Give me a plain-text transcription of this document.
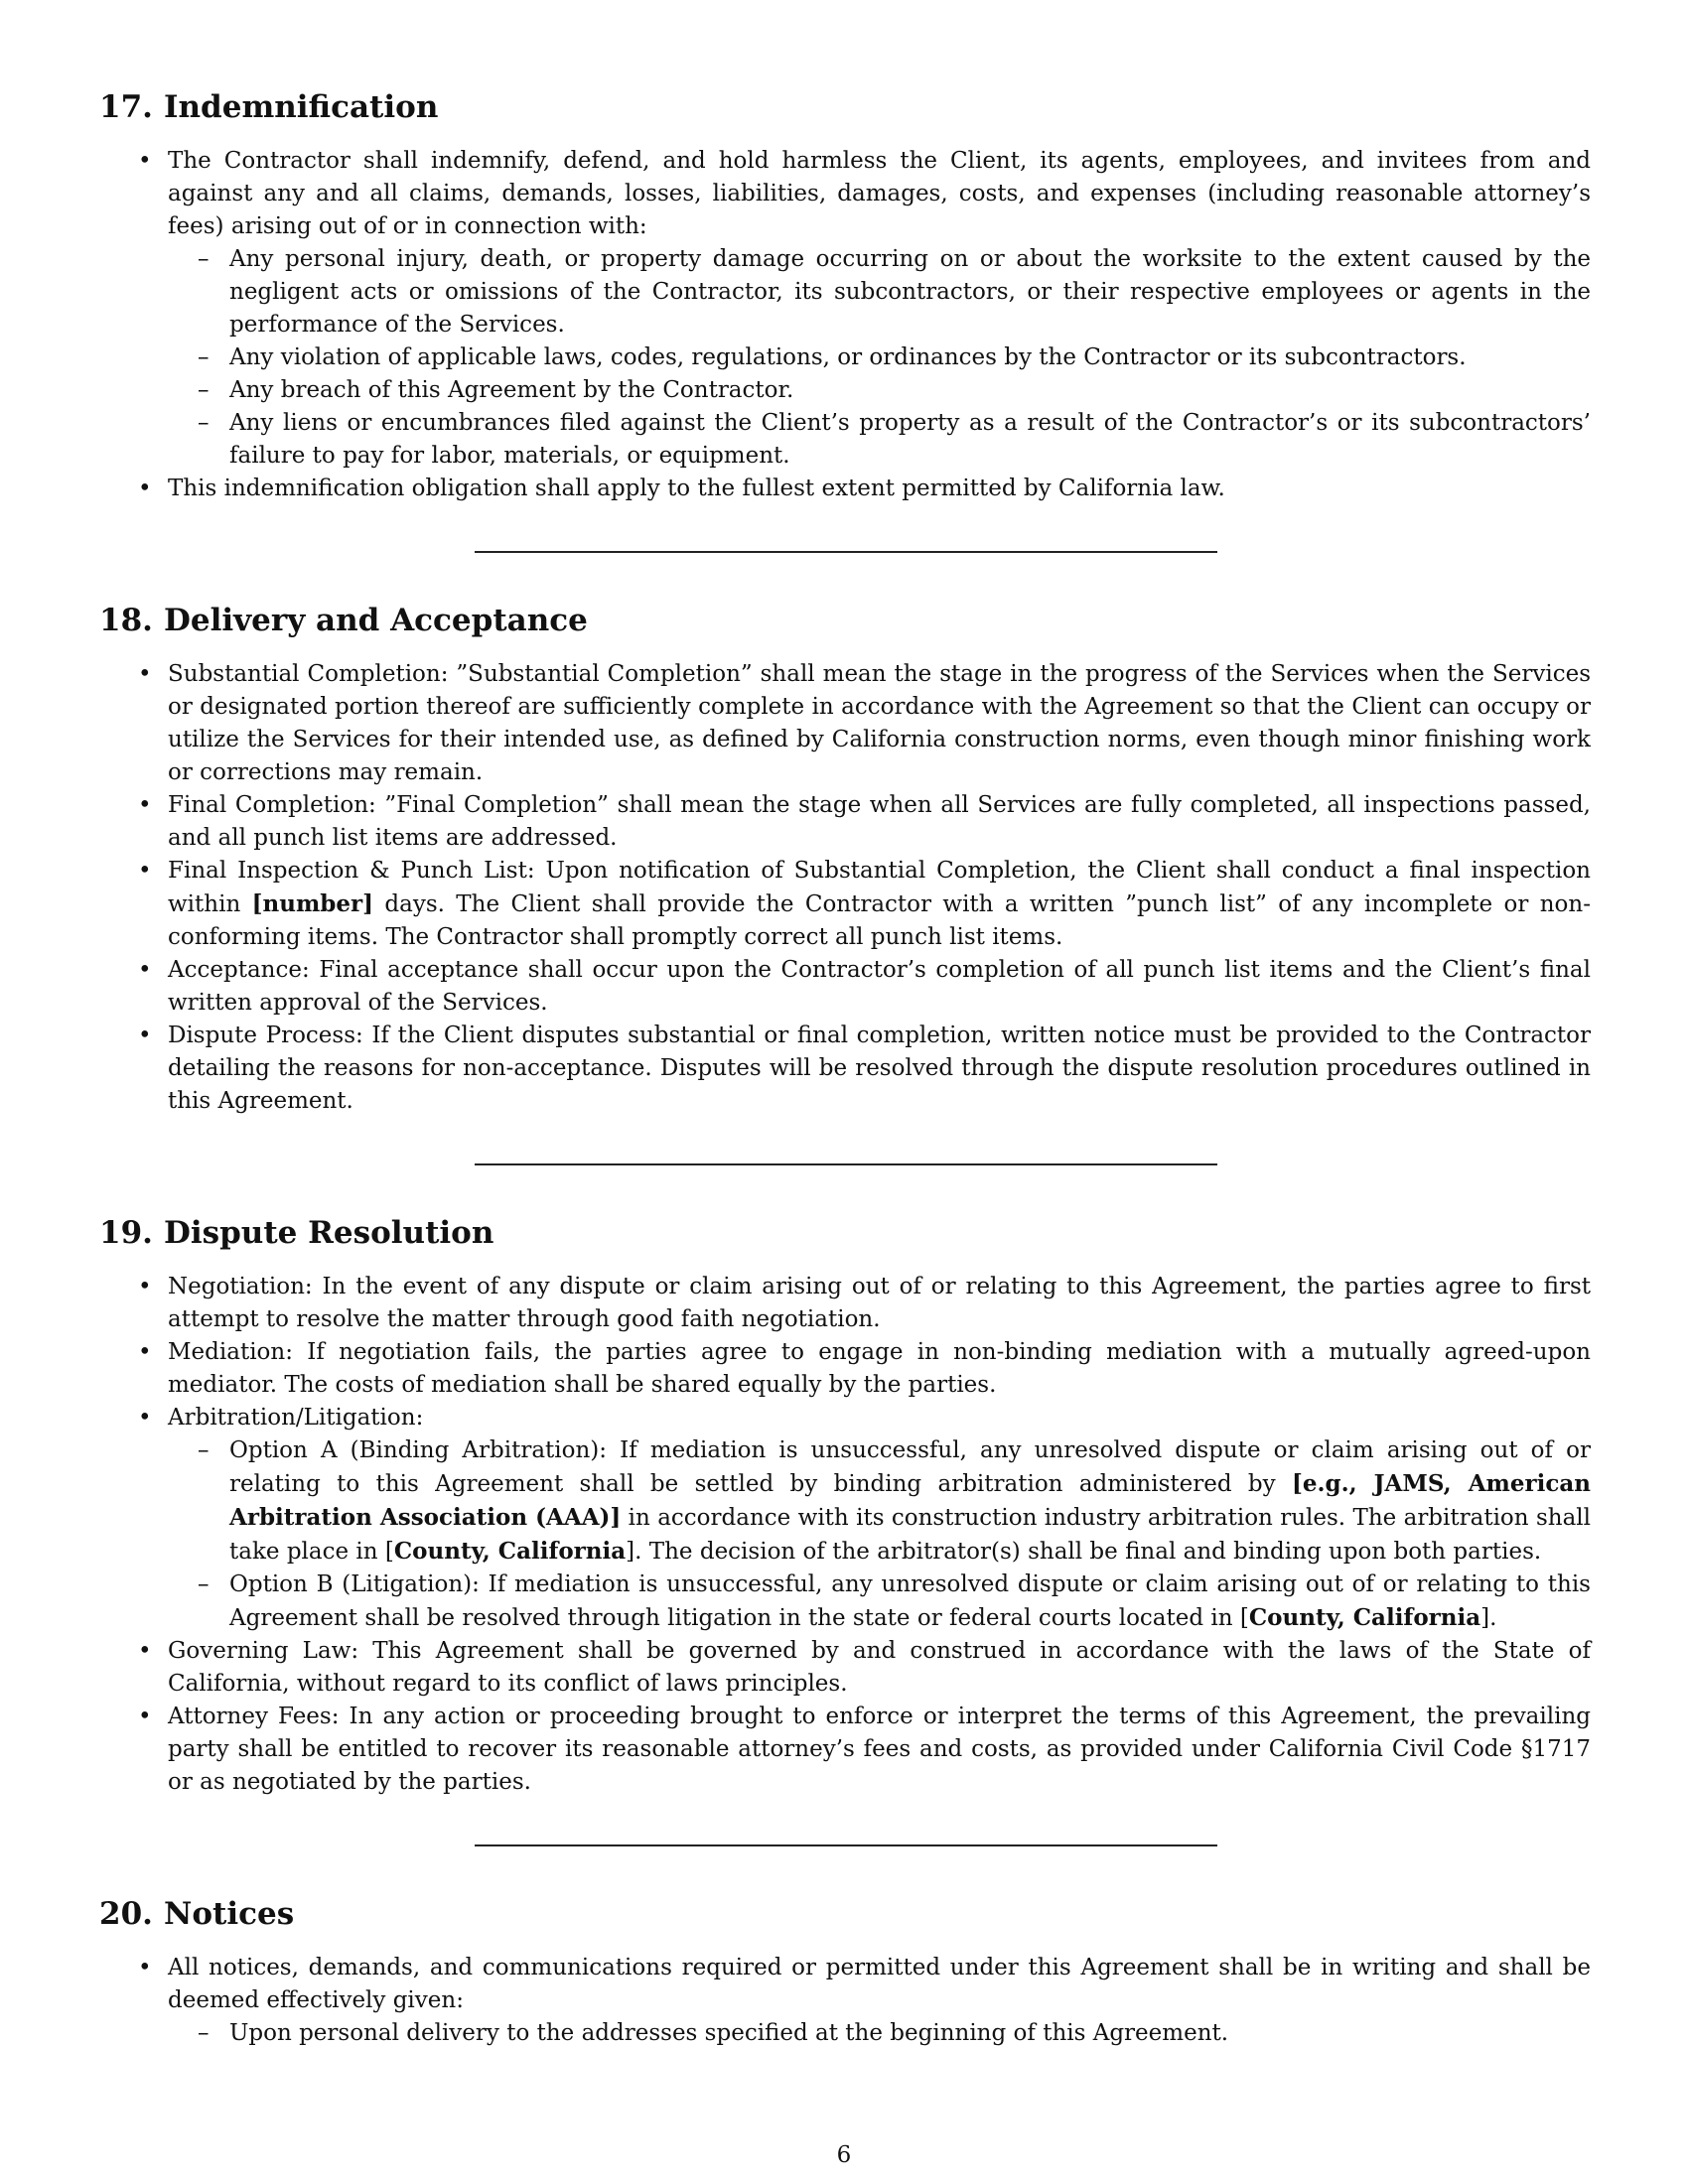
17. Indemnification
• The Contractor shall indemnify, defend, and hold harmless the Client, its agents, employees, and invitees from and against any and all claims, demands, losses, liabilities, damages, costs, and expenses (including reasonable attorney’s fees) arising out of or in connection with:
– Any personal injury, death, or property damage occurring on or about the worksite to the extent caused by the negligent acts or omissions of the Contractor, its subcontractors, or their respective employees or agents in the performance of the Services.
– Any violation of applicable laws, codes, regulations, or ordinances by the Contractor or its subcontractors.
– Any breach of this Agreement by the Contractor.
– Any liens or encumbrances filed against the Client’s property as a result of the Contractor’s or its subcontractors’ failure to pay for labor, materials, or equipment.
• This indemnification obligation shall apply to the fullest extent permitted by California law.
18. Delivery and Acceptance
• Substantial Completion: ”Substantial Completion” shall mean the stage in the progress of the Services when the Services or designated portion thereof are sufficiently complete in accordance with the Agreement so that the Client can occupy or utilize the Services for their intended use, as defined by California construction norms, even though minor finishing work or corrections may remain.
• Final Completion: ”Final Completion” shall mean the stage when all Services are fully completed, all inspections passed, and all punch list items are addressed.
• Final Inspection & Punch List: Upon notification of Substantial Completion, the Client shall conduct a final inspection within [number] days. The Client shall provide the Contractor with a written ”punch list” of any incomplete or non-conforming items. The Contractor shall promptly correct all punch list items.
• Acceptance: Final acceptance shall occur upon the Contractor’s completion of all punch list items and the Client’s final written approval of the Services.
• Dispute Process: If the Client disputes substantial or final completion, written notice must be provided to the Contractor detailing the reasons for non-acceptance. Disputes will be resolved through the dispute resolution procedures outlined in this Agreement.
19. Dispute Resolution
• Negotiation: In the event of any dispute or claim arising out of or relating to this Agreement, the parties agree to first attempt to resolve the matter through good faith negotiation.
• Mediation: If negotiation fails, the parties agree to engage in non-binding mediation with a mutually agreed-upon mediator. The costs of mediation shall be shared equally by the parties.
• Arbitration/Litigation:
– Option A (Binding Arbitration): If mediation is unsuccessful, any unresolved dispute or claim arising out of or relating to this Agreement shall be settled by binding arbitration administered by [e.g., JAMS, American Arbitration Association (AAA)] in accordance with its construction industry arbitration rules. The arbitration shall take place in [County, California]. The decision of the arbitrator(s) shall be final and binding upon both parties.
– Option B (Litigation): If mediation is unsuccessful, any unresolved dispute or claim arising out of or relating to this Agreement shall be resolved through litigation in the state or federal courts located in [County, California].
• Governing Law: This Agreement shall be governed by and construed in accordance with the laws of the State of California, without regard to its conflict of laws principles.
• Attorney Fees: In any action or proceeding brought to enforce or interpret the terms of this Agreement, the prevailing party shall be entitled to recover its reasonable attorney’s fees and costs, as provided under California Civil Code §1717 or as negotiated by the parties.
20. Notices
• All notices, demands, and communications required or permitted under this Agreement shall be in writing and shall be deemed effectively given:
– Upon personal delivery to the addresses specified at the beginning of this Agreement.
6
